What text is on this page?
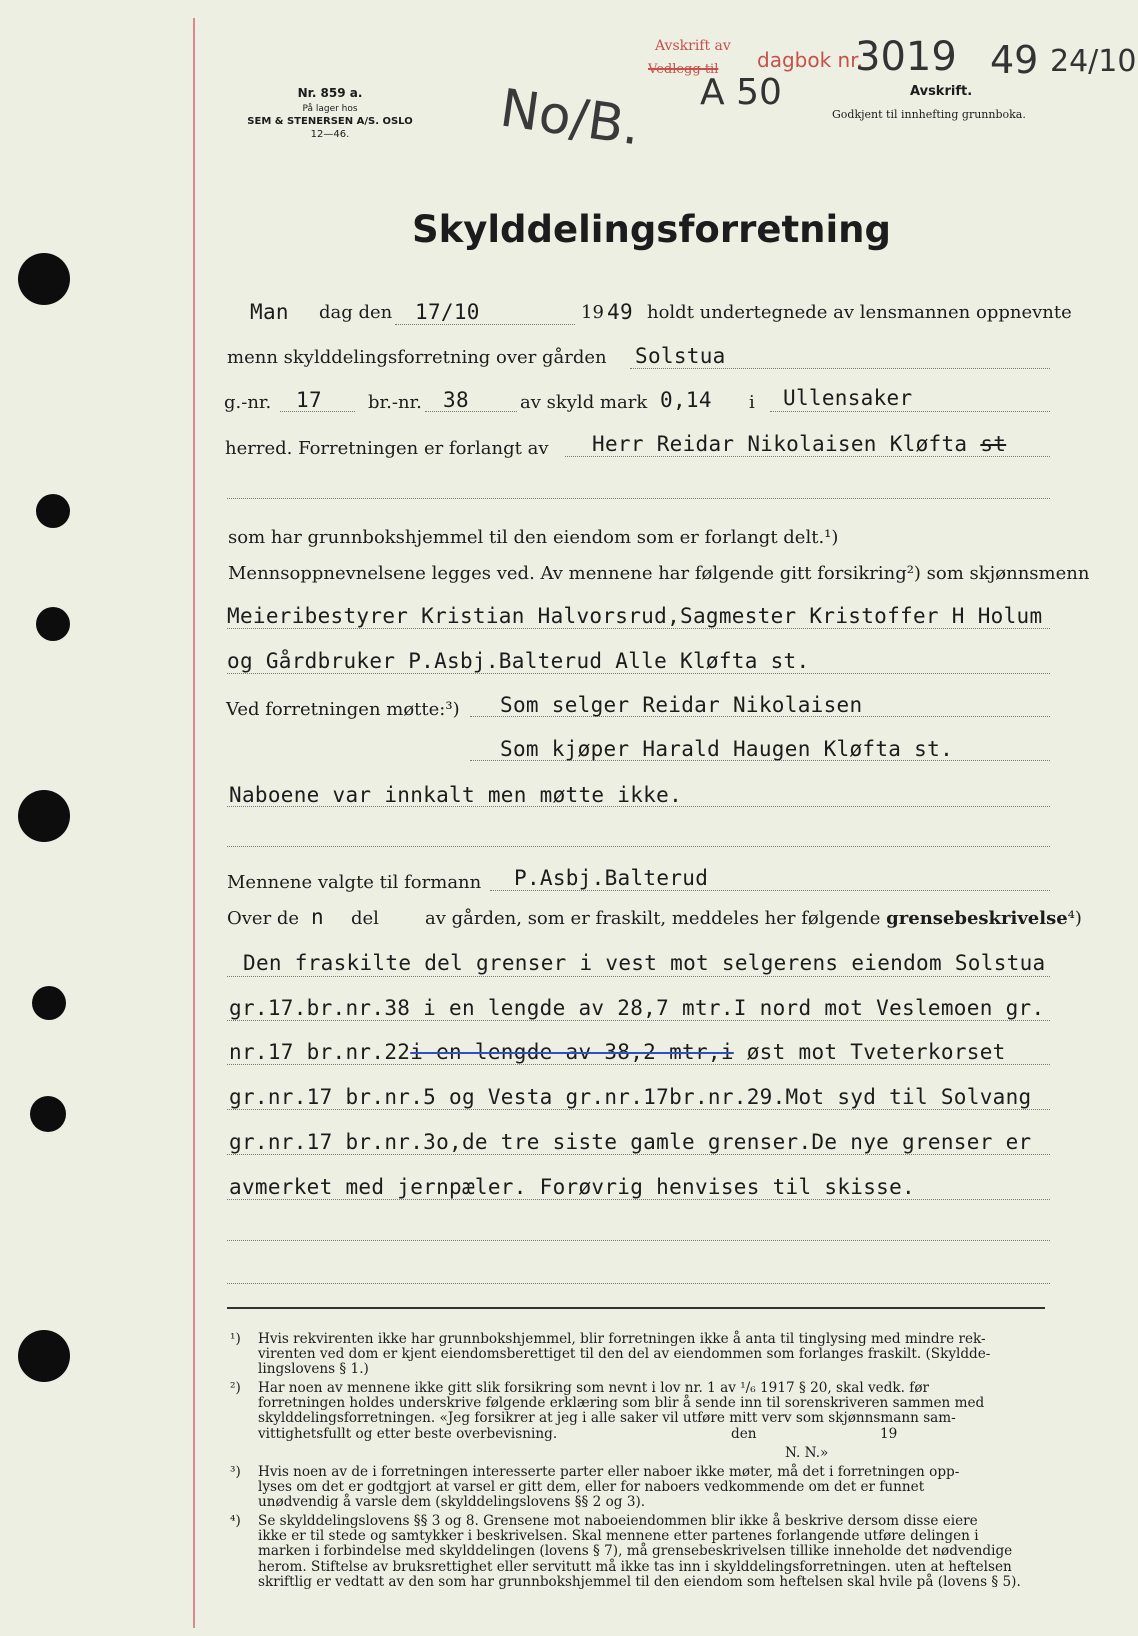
Nr. 859 a.
På lager hos
SEM & STENERSEN A/S. OSLO
12—46.	No/B.
Avskrift av
Vedlegg til dagbok nr.
3019 49 24/10
A 50	Avskrift.
Godkjent til innhefting grunnboka.
Skylddelingsforretning
Man dag den 17/10	19 49 holdt undertegnede av lensmannen oppnevnte
menn skylddelingsforretning over gården Solstua
g.-nr. 17	br.-nr. 38	av skyld mark 0,14 i Ullensaker
herred. Forretningen er forlangt av Herr Reidar Nikolaisen Kløfta st
som har grunnbokshjemmel til den eiendom som er forlangt delt.¹)
Mennsoppnevnelsene legges ved. Av mennene har følgende gitt forsikring²) som skjønnsmenn
Meieribestyrer Kristian Halvorsrud,Sagmester Kristoffer H Holum
og Gårdbruker P.Asbj.Balterud Alle Kløfta st.
Ved forretningen møtte:³) Som selger Reidar Nikolaisen
Som kjøper Harald Haugen Kløfta st.
Naboene var innkalt men møtte ikke.
Mennene valgte til formann P.Asbj.Balterud
Over de n del	av gården, som er fraskilt, meddeles her følgende grensebeskrivelse⁴)
Den fraskilte del grenser i vest mot selgerens eiendom Solstua
gr.17.br.nr.38 i en lengde av 28,7 mtr.I nord mot Veslemoen gr.
nr.17 br.nr.22i en lengde av 38,2 mtr,i øst mot Tveterkorset
gr.nr.17 br.nr.5 og Vesta gr.nr.17br.nr.29.Mot syd til Solvang
gr.nr.17 br.nr.3o,de tre siste gamle grenser.De nye grenser er
avmerket med jernpæler. Forøvrig henvises til skisse.
¹) Hvis rekvirenten ikke har grunnbokshjemmel, blir forretningen ikke å anta til tinglysing med mindre rek-
virenten ved dom er kjent eiendomsberettiget til den del av eiendommen som forlanges fraskilt. (Skyldde-
lingslovens § 1.)
²) Har noen av mennene ikke gitt slik forsikring som nevnt i lov nr. 1 av ¹/₆ 1917 § 20, skal vedk. før
forretningen holdes underskrive følgende erklæring som blir å sende inn til sorenskriveren sammen med
skylddelingsforretningen. «Jeg forsikrer at jeg i alle saker vil utføre mitt verv som skjønnsmann sam-
vittighetsfullt og etter beste overbevisning.	den	19
N. N.»
³) Hvis noen av de i forretningen interesserte parter eller naboer ikke møter, må det i forretningen opp-
lyses om det er godtgjort at varsel er gitt dem, eller for naboers vedkommende om det er funnet
unødvendig å varsle dem (skylddelingslovens §§ 2 og 3).
⁴) Se skylddelingslovens §§ 3 og 8. Grensene mot naboeiendommen blir ikke å beskrive dersom disse eiere
ikke er til stede og samtykker i beskrivelsen. Skal mennene etter partenes forlangende utføre delingen i
marken i forbindelse med skylddelingen (lovens § 7), må grensebeskrivelsen tillike inneholde det nødvendige
herom. Stiftelse av bruksrettighet eller servitutt må ikke tas inn i skylddelingsforretningen. uten at heftelsen
skriftlig er vedtatt av den som har grunnbokshjemmel til den eiendom som heftelsen skal hvile på (lovens § 5).
